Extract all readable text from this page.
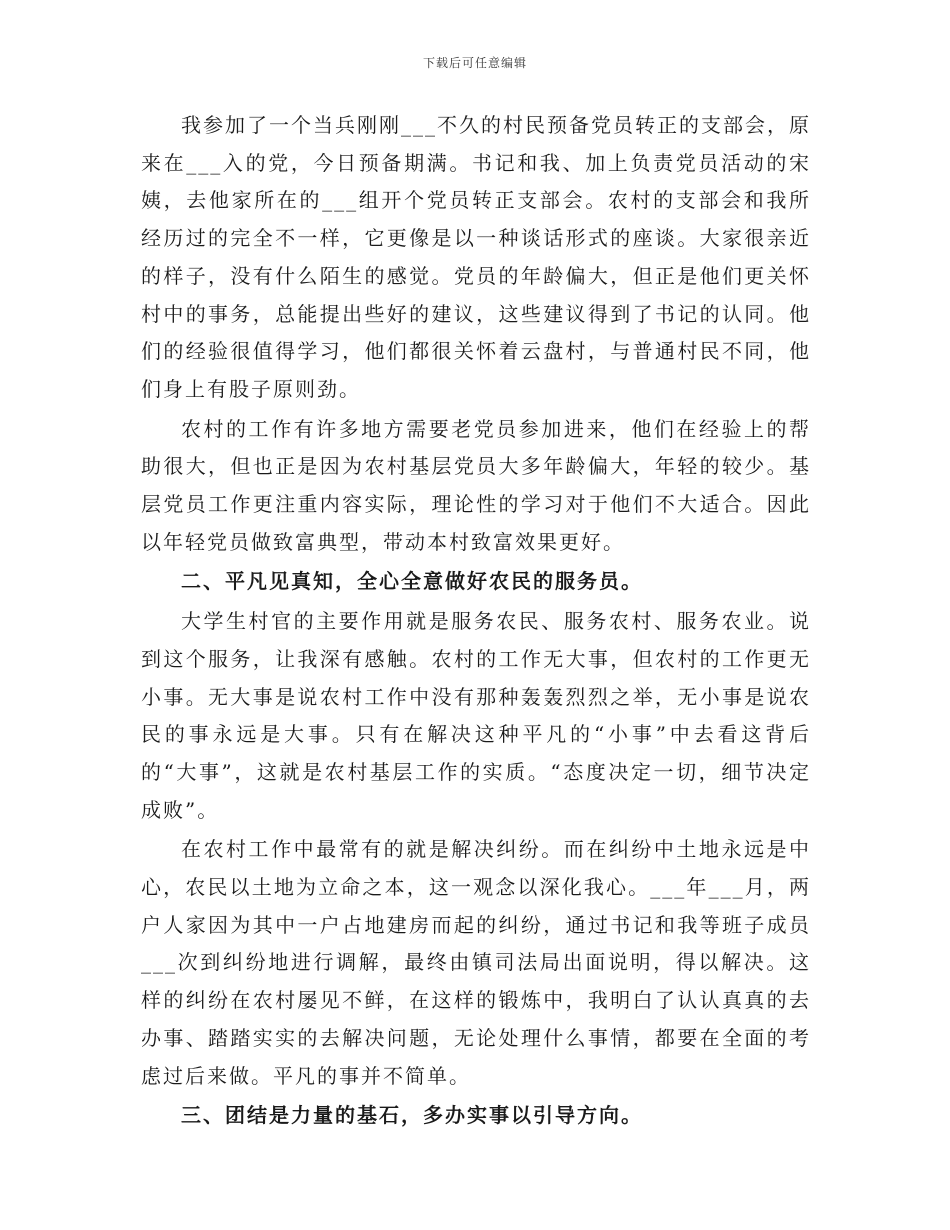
下载后可任意编辑

我参加了一个当兵刚刚___不久的村民预备党员转正的支部会，原来在___入的党，今日预备期满。书记和我、加上负责党员活动的宋姨，去他家所在的___组开个党员转正支部会。农村的支部会和我所经历过的完全不一样，它更像是以一种谈话形式的座谈。大家很亲近的样子，没有什么陌生的感觉。党员的年龄偏大，但正是他们更关怀村中的事务，总能提出些好的建议，这些建议得到了书记的认同。他们的经验很值得学习，他们都很关怀着云盘村，与普通村民不同，他们身上有股子原则劲。

农村的工作有许多地方需要老党员参加进来，他们在经验上的帮助很大，但也正是因为农村基层党员大多年龄偏大，年轻的较少。基层党员工作更注重内容实际，理论性的学习对于他们不大适合。因此以年轻党员做致富典型，带动本村致富效果更好。

二、平凡见真知，全心全意做好农民的服务员。

大学生村官的主要作用就是服务农民、服务农村、服务农业。说到这个服务，让我深有感触。农村的工作无大事，但农村的工作更无小事。无大事是说农村工作中没有那种轰轰烈烈之举，无小事是说农民的事永远是大事。只有在解决这种平凡的“小事”中去看这背后的“大事”，这就是农村基层工作的实质。“态度决定一切，细节决定成败”。

在农村工作中最常有的就是解决纠纷。而在纠纷中土地永远是中心，农民以土地为立命之本，这一观念以深化我心。___年___月，两户人家因为其中一户占地建房而起的纠纷，通过书记和我等班子成员___次到纠纷地进行调解，最终由镇司法局出面说明，得以解决。这样的纠纷在农村屡见不鲜，在这样的锻炼中，我明白了认认真真的去办事、踏踏实实的去解决问题，无论处理什么事情，都要在全面的考虑过后来做。平凡的事并不简单。

三、团结是力量的基石，多办实事以引导方向。
